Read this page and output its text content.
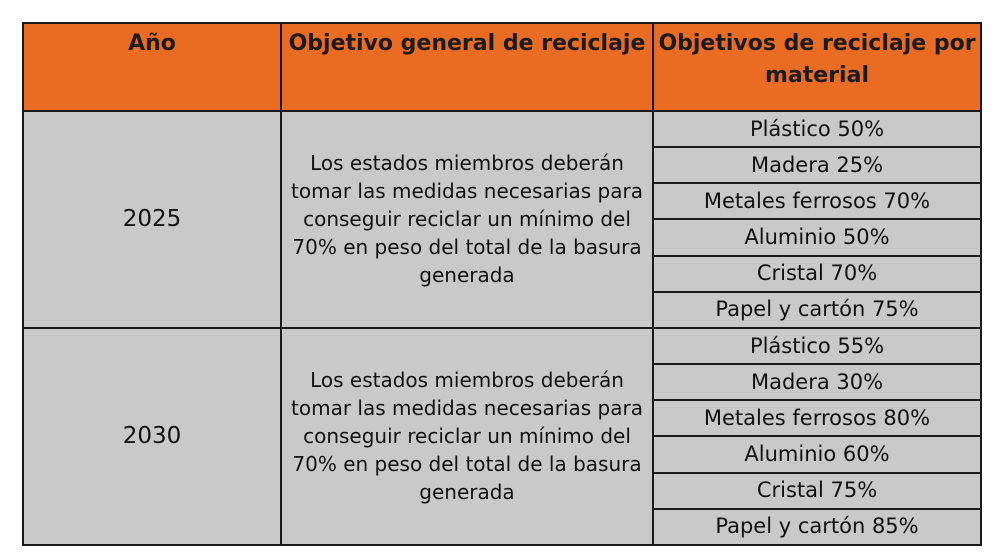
Año	Objetivo general de reciclaje	Objetivos de reciclaje por material
2025	Los estados miembros deberán tomar las medidas necesarias para conseguir reciclar un mínimo del 70% en peso del total de la basura generada	Plástico 50%
		Madera 25%
		Metales ferrosos 70%
		Aluminio 50%
		Cristal 70%
		Papel y cartón 75%
2030	Los estados miembros deberán tomar las medidas necesarias para conseguir reciclar un mínimo del 70% en peso del total de la basura generada	Plástico 55%
		Madera 30%
		Metales ferrosos 80%
		Aluminio 60%
		Cristal 75%
		Papel y cartón 85%
